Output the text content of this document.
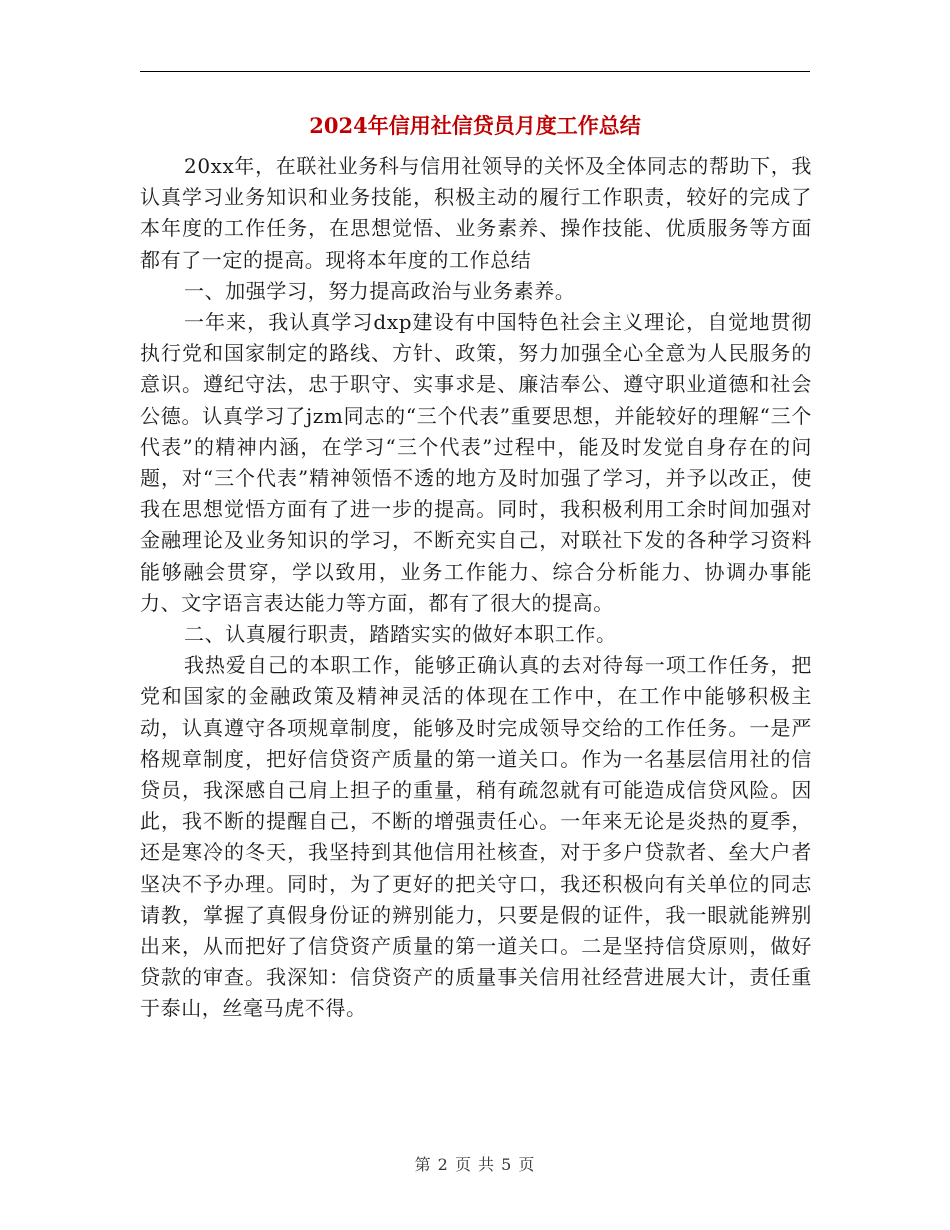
2024年信用社信贷员月度工作总结

20xx年，在联社业务科与信用社领导的关怀及全体同志的帮助下，我认真学习业务知识和业务技能，积极主动的履行工作职责，较好的完成了本年度的工作任务，在思想觉悟、业务素养、操作技能、优质服务等方面都有了一定的提高。现将本年度的工作总结

一、加强学习，努力提高政治与业务素养。

一年来，我认真学习dxp建设有中国特色社会主义理论，自觉地贯彻执行党和国家制定的路线、方针、政策，努力加强全心全意为人民服务的意识。遵纪守法，忠于职守、实事求是、廉洁奉公、遵守职业道德和社会公德。认真学习了jzm同志的“三个代表”重要思想，并能较好的理解“三个代表”的精神内涵，在学习“三个代表”过程中，能及时发觉自身存在的问题，对“三个代表”精神领悟不透的地方及时加强了学习，并予以改正，使我在思想觉悟方面有了进一步的提高。同时，我积极利用工余时间加强对金融理论及业务知识的学习，不断充实自己，对联社下发的各种学习资料能够融会贯穿，学以致用，业务工作能力、综合分析能力、协调办事能力、文字语言表达能力等方面，都有了很大的提高。

二、认真履行职责，踏踏实实的做好本职工作。

我热爱自己的本职工作，能够正确认真的去对待每一项工作任务，把党和国家的金融政策及精神灵活的体现在工作中，在工作中能够积极主动，认真遵守各项规章制度，能够及时完成领导交给的工作任务。一是严格规章制度，把好信贷资产质量的第一道关口。作为一名基层信用社的信贷员，我深感自己肩上担子的重量，稍有疏忽就有可能造成信贷风险。因此，我不断的提醒自己，不断的增强责任心。一年来无论是炎热的夏季，还是寒冷的冬天，我坚持到其他信用社核查，对于多户贷款者、垒大户者坚决不予办理。同时，为了更好的把关守口，我还积极向有关单位的同志请教，掌握了真假身份证的辨别能力，只要是假的证件，我一眼就能辨别出来，从而把好了信贷资产质量的第一道关口。二是坚持信贷原则，做好贷款的审查。我深知：信贷资产的质量事关信用社经营进展大计，责任重于泰山，丝毫马虎不得。

第 2 页 共 5 页
